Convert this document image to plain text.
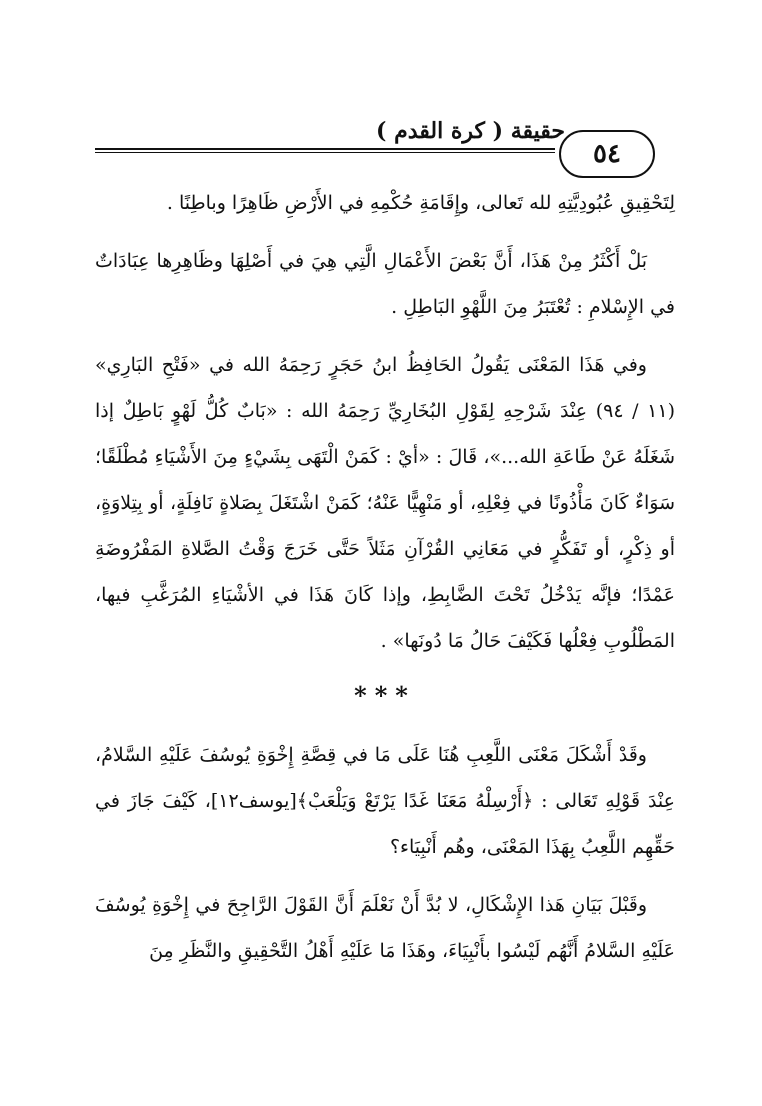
حقيقة ( كرة القدم )
٥٤

لِتَحْقِيقِ عُبُودِيَّتِهِ لله تَعالى، وإِقَامَةِ حُكْمِهِ في الأَرْضِ ظَاهِرًا وباطِنًا .

بَلْ أَكْثَرُ مِنْ هَذَا، أَنَّ بَعْضَ الأَعْمَالِ الَّتِي هِيَ في أَصْلِهَا وظَاهِرِها عِبَادَاتٌ في الإِسْلامِ : تُعْتَبَرُ مِنَ اللَّهْوِ البَاطِلِ .

وفي هَذَا المَعْنَى يَقُولُ الحَافِظُ ابنُ حَجَرٍ رَحِمَهُ الله في «فَتْحِ البَارِي» (١١ / ٩٤) عِنْدَ شَرْحِهِ لِقَوْلِ البُخَارِيِّ رَحِمَهُ الله : «بَابٌ كُلُّ لَهْوٍ بَاطِلٌ إذا شَغَلَهُ عَنْ طَاعَةِ الله...»، قَالَ : «أيْ : كَمَنْ الْتَهَى بِشَيْءٍ مِنَ الأَشْيَاءِ مُطْلَقًا؛ سَوَاءٌ كَانَ مَأْذُونًا في فِعْلِهِ، أو مَنْهِيًّا عَنْهُ؛ كَمَنْ اشْتَغَلَ بِصَلاةٍ نَافِلَةٍ، أو بِتِلاوَةٍ، أو ذِكْرٍ، أو تَفَكُّرٍ في مَعَانِي القُرْآنِ مَثَلاً حَتَّى خَرَجَ وَقْتُ الصَّلاةِ المَفْرُوضَةِ عَمْدًا؛ فإنَّه يَدْخُلُ تَحْتَ الضَّابِطِ، وإذا كَانَ هَذَا في الأشْيَاءِ المُرَغَّبِ فيها، المَطْلُوبِ فِعْلُها فَكَيْفَ حَالُ مَا دُونَها» .

***

وقَدْ أَشْكَلَ مَعْنَى اللَّعِبِ هُنَا عَلَى مَا في قِصَّةِ إِخْوَةِ يُوسُفَ عَلَيْهِ السَّلامُ، عِنْدَ قَوْلِهِ تَعَالى : ﴿أَرْسِلْهُ مَعَنَا غَدًا يَرْتَعْ وَيَلْعَبْ﴾[يوسف١٢]، كَيْفَ جَازَ في حَقِّهِم اللَّعِبُ بِهَذَا المَعْنَى، وهُم أَنْبِيَاء؟

وقَبْلَ بَيَانِ هَذا الإِشْكَالِ، لا بُدَّ أَنْ نَعْلَمَ أَنَّ القَوْلَ الرَّاجِحَ في إِخْوَةِ يُوسُفَ عَلَيْهِ السَّلامُ أَنَّهُم لَيْسُوا بأَنْبِيَاءَ، وهَذَا مَا عَلَيْهِ أَهْلُ التَّحْقِيقِ والنَّظَرِ مِنَ
